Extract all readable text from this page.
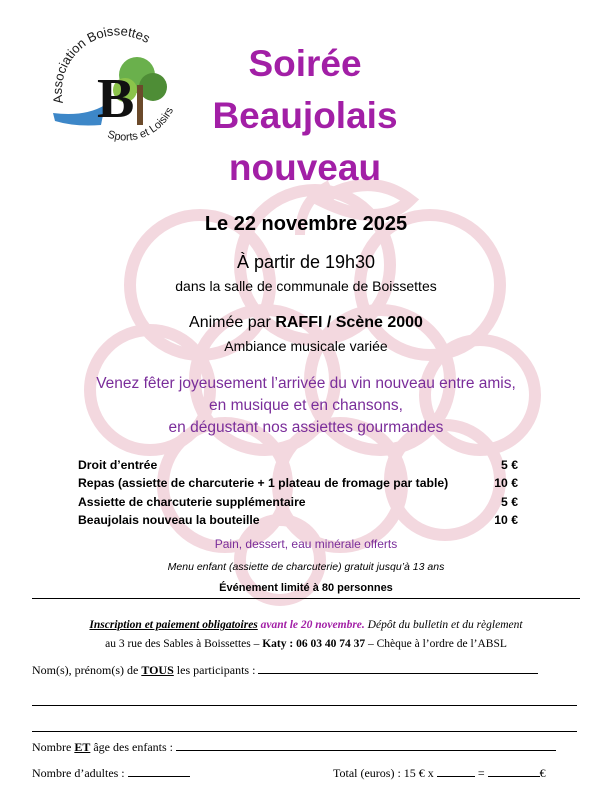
Association Boissettes
Sports et Loisirs
B
Soirée
Beaujolais
nouveau
Le 22 novembre 2025
À partir de 19h30
dans la salle de communale de Boissettes
Animée par RAFFI / Scène 2000
Ambiance musicale variée
Venez fêter joyeusement l’arrivée du vin nouveau entre amis,
en musique et en chansons,
en dégustant nos assiettes gourmandes
Droit d’entrée	5 €
Repas (assiette de charcuterie + 1 plateau de fromage par table)	10 €
Assiette de charcuterie supplémentaire	5 €
Beaujolais nouveau la bouteille	10 €
Pain, dessert, eau minérale offerts
Menu enfant (assiette de charcuterie) gratuit jusqu’à 13 ans
Événement limité à 80 personnes
Inscription et paiement obligatoires avant le 20 novembre. Dépôt du bulletin et du règlement
au 3 rue des Sables à Boissettes – Katy : 06 03 40 74 37 – Chèque à l’ordre de l’ABSL
Nom(s), prénom(s) de TOUS les participants :
Nombre ET âge des enfants :
Nombre d’adultes :	Total (euros) : 15 € x	=	€
